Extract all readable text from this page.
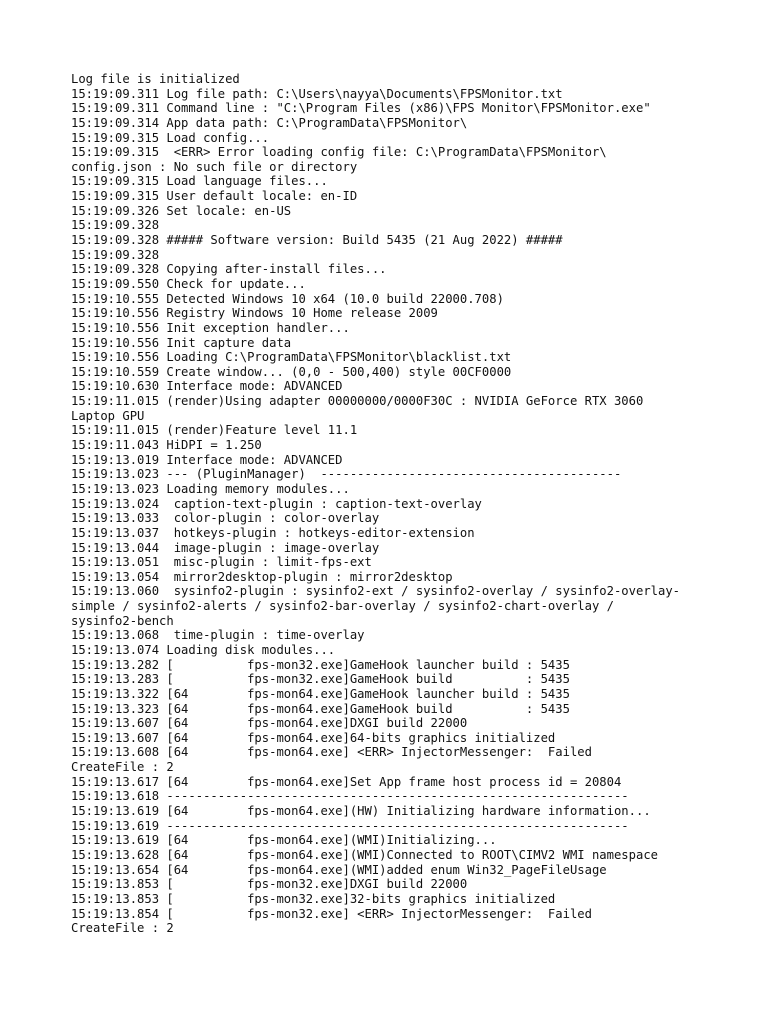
Log file is initialized
15:19:09.311 Log file path: C:\Users\nayya\Documents\FPSMonitor.txt
15:19:09.311 Command line : "C:\Program Files (x86)\FPS Monitor\FPSMonitor.exe"
15:19:09.314 App data path: C:\ProgramData\FPSMonitor\
15:19:09.315 Load config...
15:19:09.315  <ERR> Error loading config file: C:\ProgramData\FPSMonitor\
config.json : No such file or directory
15:19:09.315 Load language files...
15:19:09.315 User default locale: en-ID
15:19:09.326 Set locale: en-US
15:19:09.328
15:19:09.328 ##### Software version: Build 5435 (21 Aug 2022) #####
15:19:09.328
15:19:09.328 Copying after-install files...
15:19:09.550 Check for update...
15:19:10.555 Detected Windows 10 x64 (10.0 build 22000.708)
15:19:10.556 Registry Windows 10 Home release 2009
15:19:10.556 Init exception handler...
15:19:10.556 Init capture data
15:19:10.556 Loading C:\ProgramData\FPSMonitor\blacklist.txt
15:19:10.559 Create window... (0,0 - 500,400) style 00CF0000
15:19:10.630 Interface mode: ADVANCED
15:19:11.015 (render)Using adapter 00000000/0000F30C : NVIDIA GeForce RTX 3060
Laptop GPU
15:19:11.015 (render)Feature level 11.1
15:19:11.043 HiDPI = 1.250
15:19:13.019 Interface mode: ADVANCED
15:19:13.023 --- (PluginManager)  -----------------------------------------
15:19:13.023 Loading memory modules...
15:19:13.024  caption-text-plugin : caption-text-overlay
15:19:13.033  color-plugin : color-overlay
15:19:13.037  hotkeys-plugin : hotkeys-editor-extension
15:19:13.044  image-plugin : image-overlay
15:19:13.051  misc-plugin : limit-fps-ext
15:19:13.054  mirror2desktop-plugin : mirror2desktop
15:19:13.060  sysinfo2-plugin : sysinfo2-ext / sysinfo2-overlay / sysinfo2-overlay-
simple / sysinfo2-alerts / sysinfo2-bar-overlay / sysinfo2-chart-overlay /
sysinfo2-bench
15:19:13.068  time-plugin : time-overlay
15:19:13.074 Loading disk modules...
15:19:13.282 [          fps-mon32.exe]GameHook launcher build : 5435
15:19:13.283 [          fps-mon32.exe]GameHook build          : 5435
15:19:13.322 [64        fps-mon64.exe]GameHook launcher build : 5435
15:19:13.323 [64        fps-mon64.exe]GameHook build          : 5435
15:19:13.607 [64        fps-mon64.exe]DXGI build 22000
15:19:13.607 [64        fps-mon64.exe]64-bits graphics initialized
15:19:13.608 [64        fps-mon64.exe] <ERR> InjectorMessenger:  Failed
CreateFile : 2
15:19:13.617 [64        fps-mon64.exe]Set App frame host process id = 20804
15:19:13.618 ---------------------------------------------------------------
15:19:13.619 [64        fps-mon64.exe](HW) Initializing hardware information...
15:19:13.619 ---------------------------------------------------------------
15:19:13.619 [64        fps-mon64.exe](WMI)Initializing...
15:19:13.628 [64        fps-mon64.exe](WMI)Connected to ROOT\CIMV2 WMI namespace
15:19:13.654 [64        fps-mon64.exe](WMI)added enum Win32_PageFileUsage
15:19:13.853 [          fps-mon32.exe]DXGI build 22000
15:19:13.853 [          fps-mon32.exe]32-bits graphics initialized
15:19:13.854 [          fps-mon32.exe] <ERR> InjectorMessenger:  Failed
CreateFile : 2
